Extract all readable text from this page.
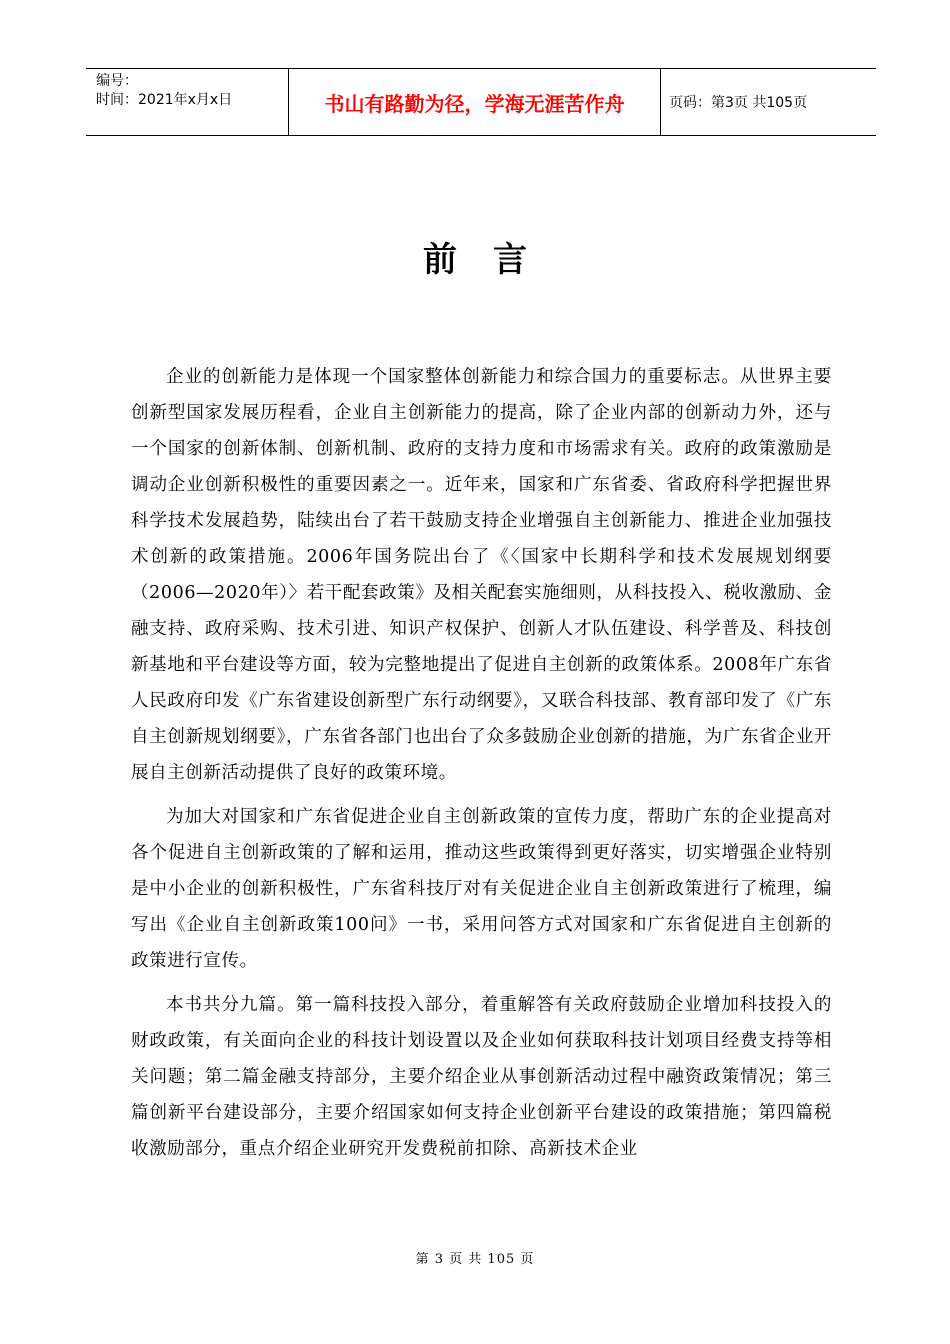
编号：
时间：2021年x月x日	书山有路勤为径，学海无涯苦作舟	页码：第3页 共105页
前言

企业的创新能力是体现一个国家整体创新能力和综合国力的重要标志。从世界主要创新型国家发展历程看，企业自主创新能力的提高，除了企业内部的创新动力外，还与一个国家的创新体制、创新机制、政府的支持力度和市场需求有关。政府的政策激励是调动企业创新积极性的重要因素之一。近年来，国家和广东省委、省政府科学把握世界科学技术发展趋势，陆续出台了若干鼓励支持企业增强自主创新能力、推进企业加强技术创新的政策措施。2006年国务院出台了《〈国家中长期科学和技术发展规划纲要（2006—2020年）〉若干配套政策》及相关配套实施细则，从科技投入、税收激励、金融支持、政府采购、技术引进、知识产权保护、创新人才队伍建设、科学普及、科技创新基地和平台建设等方面，较为完整地提出了促进自主创新的政策体系。2008年广东省人民政府印发《广东省建设创新型广东行动纲要》，又联合科技部、教育部印发了《广东自主创新规划纲要》，广东省各部门也出台了众多鼓励企业创新的措施，为广东省企业开展自主创新活动提供了良好的政策环境。

为加大对国家和广东省促进企业自主创新政策的宣传力度，帮助广东的企业提高对各个促进自主创新政策的了解和运用，推动这些政策得到更好落实，切实增强企业特别是中小企业的创新积极性，广东省科技厅对有关促进企业自主创新政策进行了梳理，编写出《企业自主创新政策100问》一书，采用问答方式对国家和广东省促进自主创新的政策进行宣传。

本书共分九篇。第一篇科技投入部分，着重解答有关政府鼓励企业增加科技投入的财政政策，有关面向企业的科技计划设置以及企业如何获取科技计划项目经费支持等相关问题；第二篇金融支持部分，主要介绍企业从事创新活动过程中融资政策情况；第三篇创新平台建设部分，主要介绍国家如何支持企业创新平台建设的政策措施；第四篇税收激励部分，重点介绍企业研究开发费税前扣除、高新技术企业

第 3 页 共 105 页
